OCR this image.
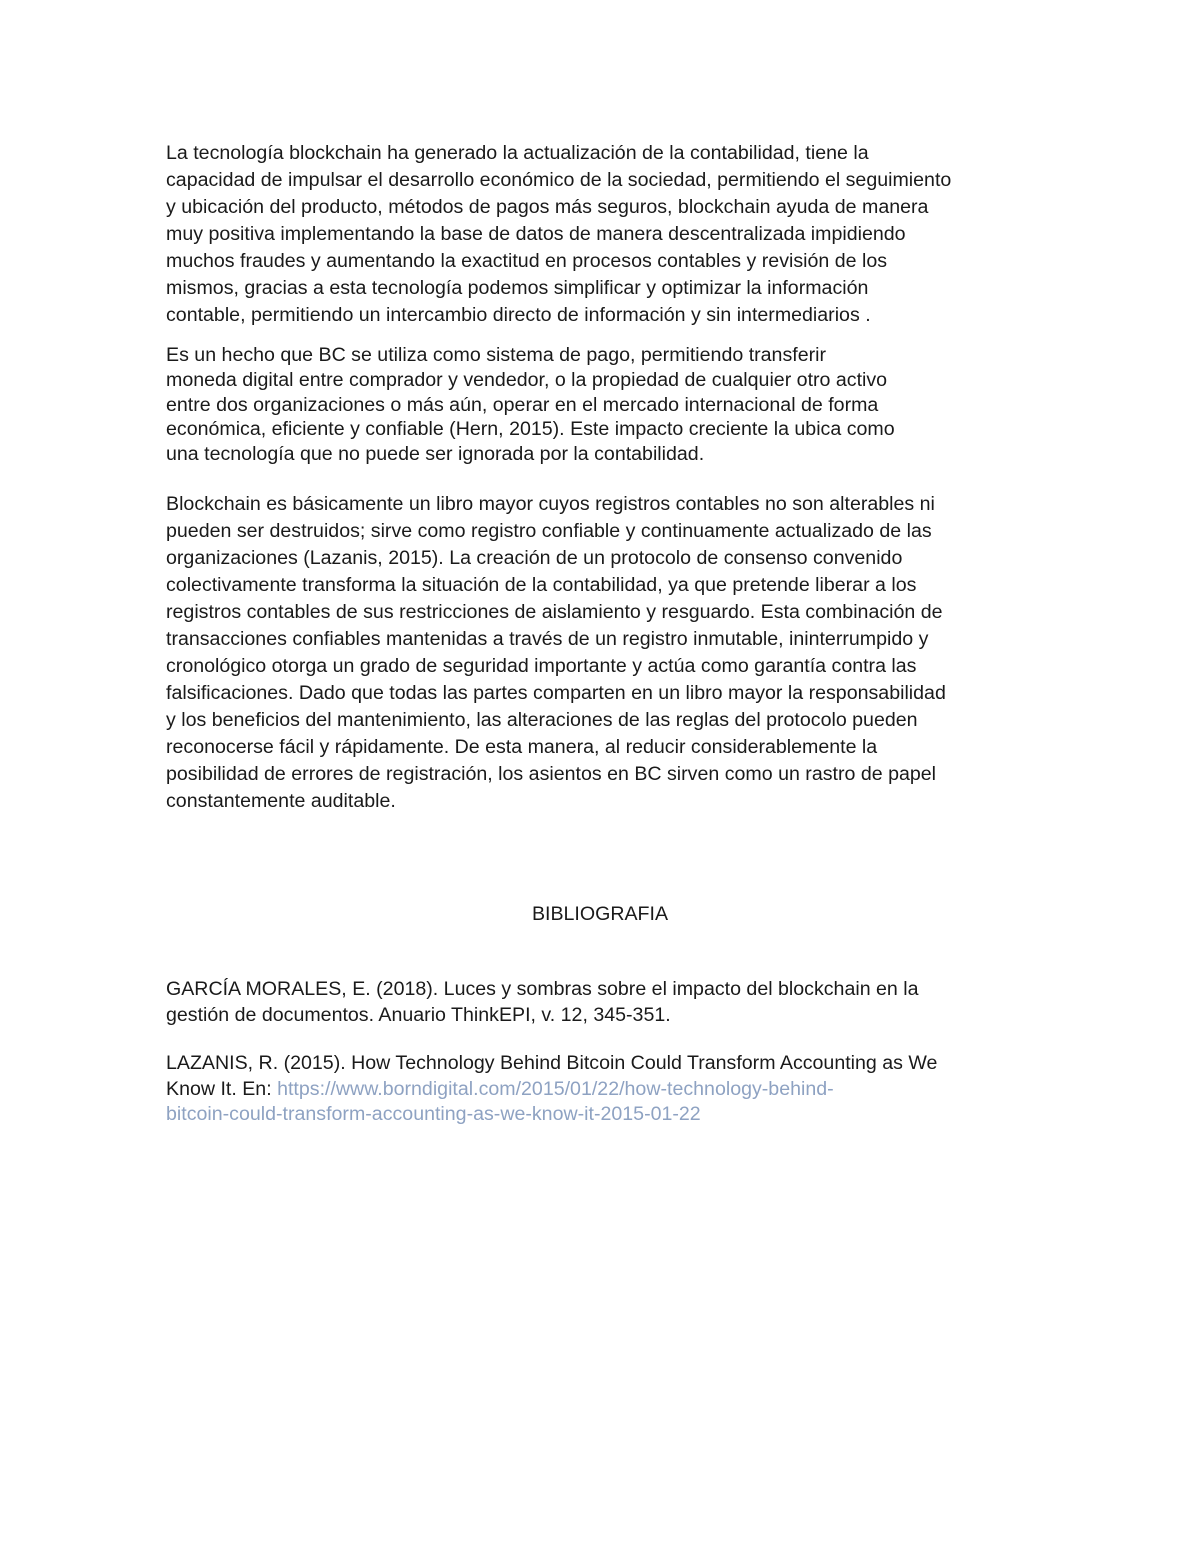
La tecnología blockchain ha generado la actualización de la contabilidad, tiene la
capacidad de impulsar el desarrollo económico de la sociedad, permitiendo el seguimiento
y ubicación del producto, métodos de pagos más seguros, blockchain ayuda de manera
muy positiva implementando la base de datos de manera descentralizada impidiendo
muchos fraudes y aumentando la exactitud en procesos contables y revisión de los
mismos, gracias a esta tecnología podemos simplificar y optimizar la información
contable, permitiendo un intercambio directo de información y sin intermediarios .

Es un hecho que BC se utiliza como sistema de pago, permitiendo transferir
moneda digital entre comprador y vendedor, o la propiedad de cualquier otro activo
entre dos organizaciones o más aún, operar en el mercado internacional de forma
económica, eficiente y confiable (Hern, 2015). Este impacto creciente la ubica como
una tecnología que no puede ser ignorada por la contabilidad.

Blockchain es básicamente un libro mayor cuyos registros contables no son alterables ni
pueden ser destruidos; sirve como registro confiable y continuamente actualizado de las
organizaciones (Lazanis, 2015). La creación de un protocolo de consenso convenido
colectivamente transforma la situación de la contabilidad, ya que pretende liberar a los
registros contables de sus restricciones de aislamiento y resguardo. Esta combinación de
transacciones confiables mantenidas a través de un registro inmutable, ininterrumpido y
cronológico otorga un grado de seguridad importante y actúa como garantía contra las
falsificaciones. Dado que todas las partes comparten en un libro mayor la responsabilidad
y los beneficios del mantenimiento, las alteraciones de las reglas del protocolo pueden
reconocerse fácil y rápidamente. De esta manera, al reducir considerablemente la
posibilidad de errores de registración, los asientos en BC sirven como un rastro de papel
constantemente auditable.

BIBLIOGRAFIA

GARCÍA MORALES, E. (2018). Luces y sombras sobre el impacto del blockchain en la
gestión de documentos. Anuario ThinkEPI, v. 12, 345-351.

LAZANIS, R. (2015). How Technology Behind Bitcoin Could Transform Accounting as We
Know It. En: https://www.borndigital.com/2015/01/22/how-technology-behind-
bitcoin-could-transform-accounting-as-we-know-it-2015-01-22
